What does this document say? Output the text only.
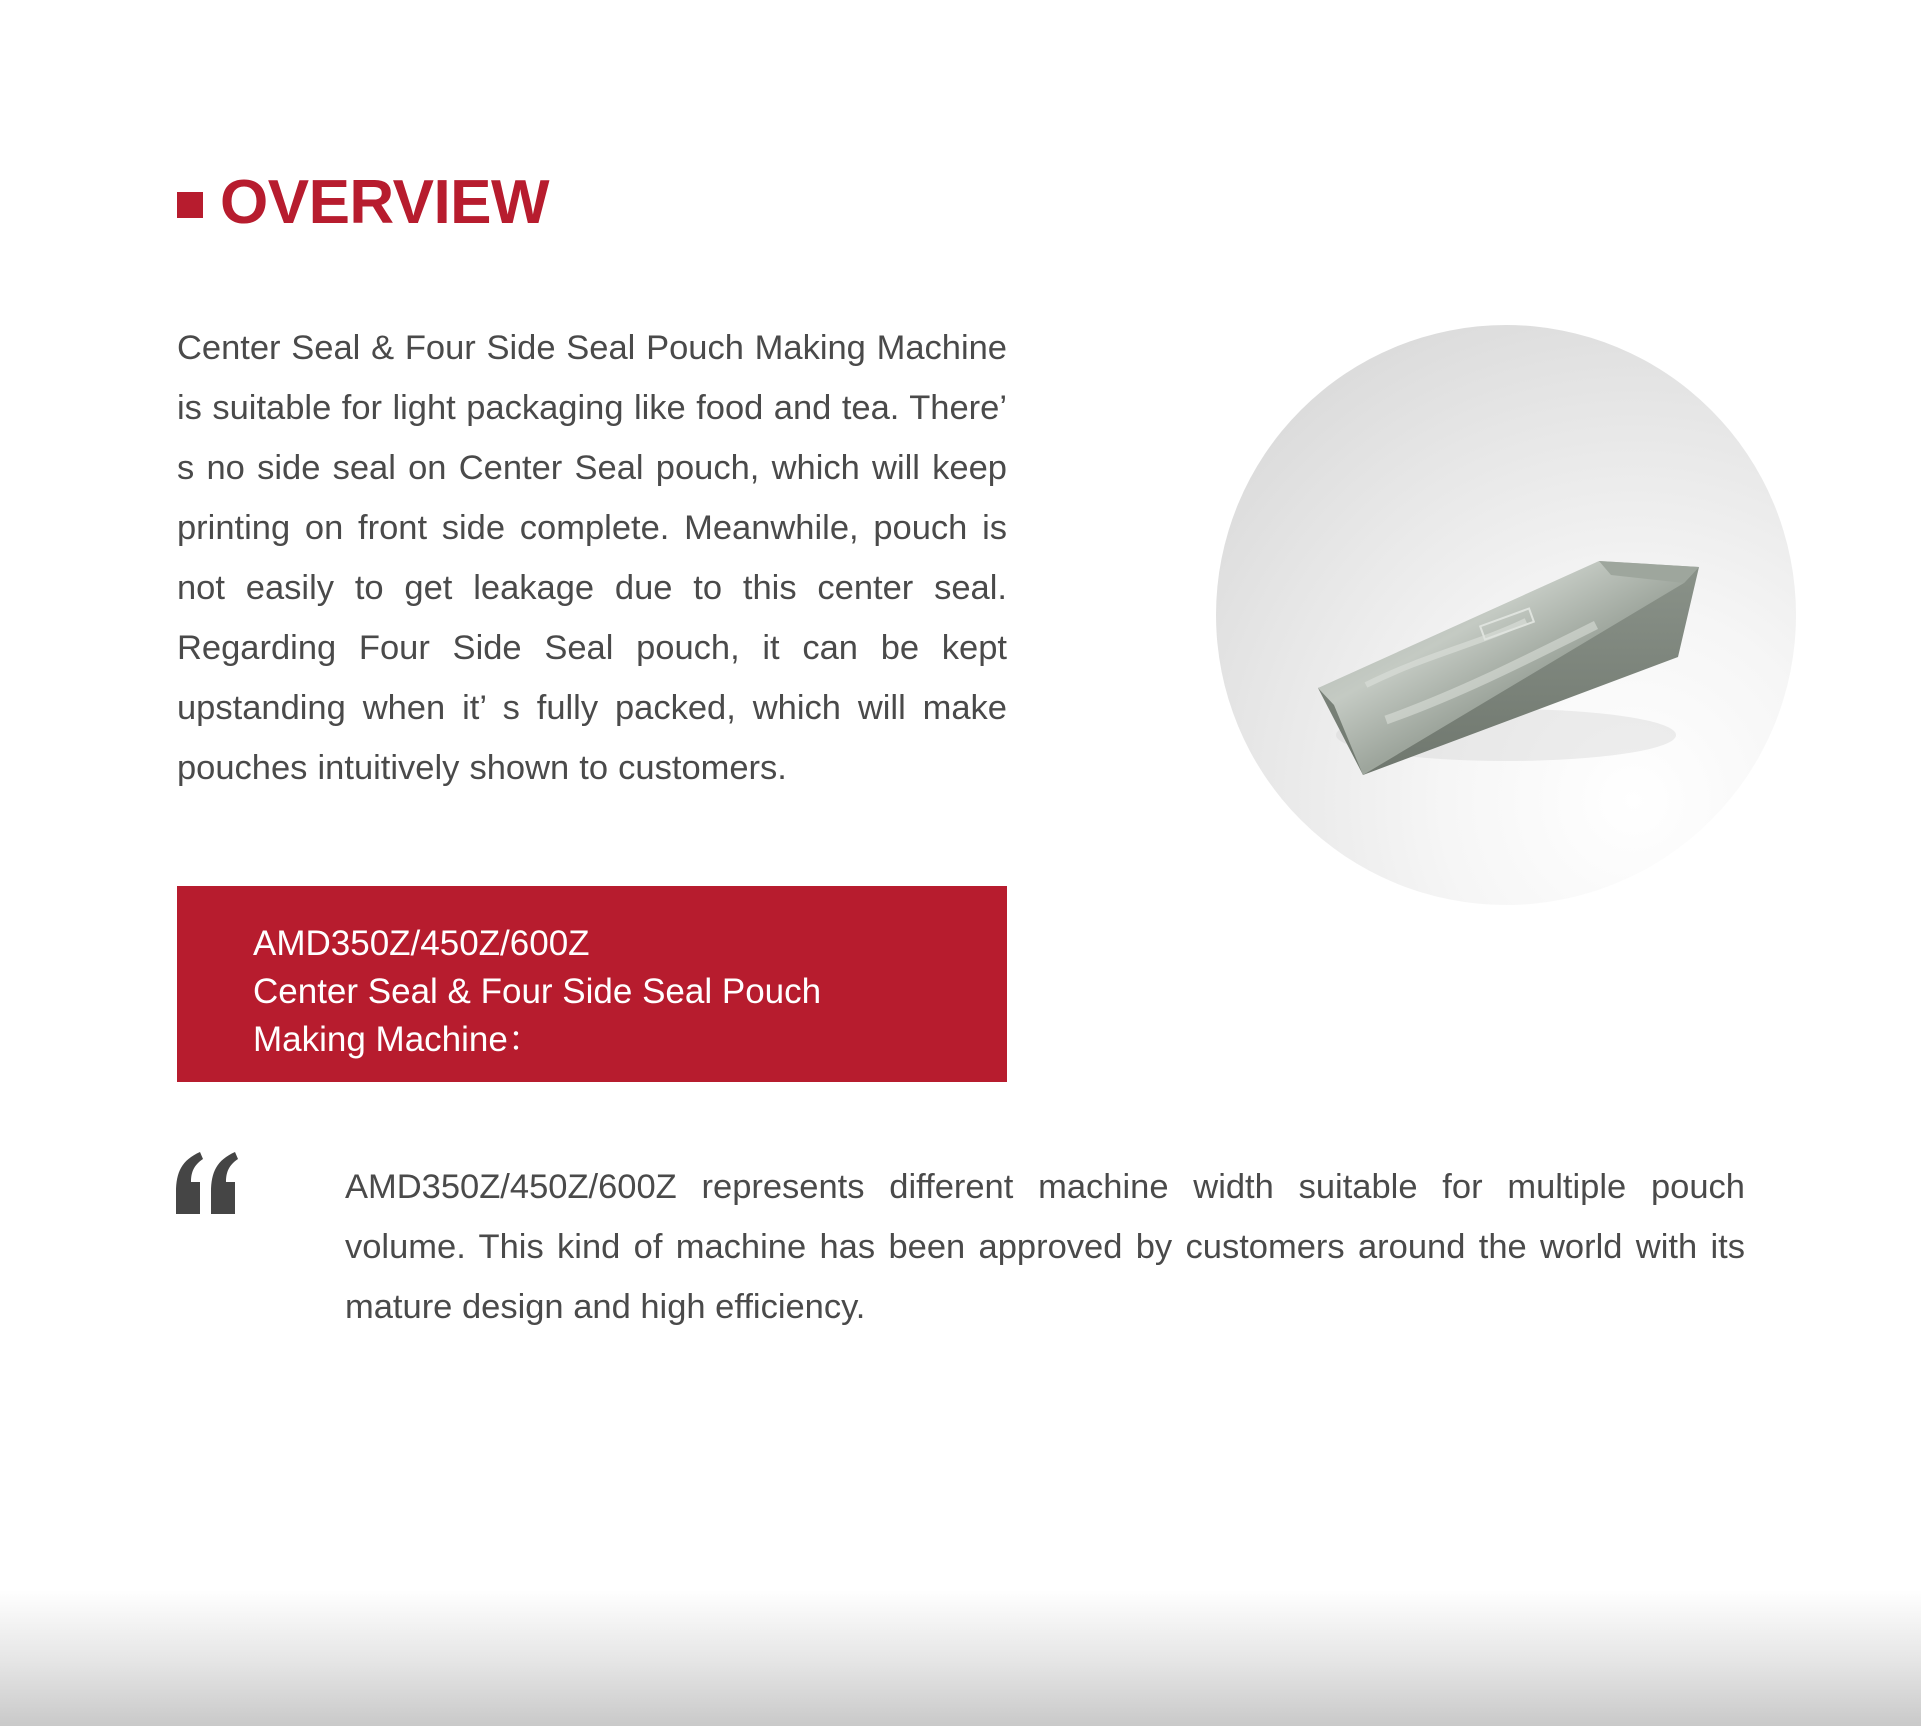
OVERVIEW

Center Seal & Four Side Seal Pouch Making Machine is suitable for light packaging like food and tea. There’ s no side seal on Center Seal pouch, which will keep printing on front side complete. Meanwhile, pouch is not easily to get leakage due to this center seal. Regarding Four Side Seal pouch, it can be kept upstanding when it’ s fully packed, which will make pouches intuitively shown to customers.

AMD350Z/450Z/600Z
Center Seal & Four Side Seal Pouch
Making Machine：

AMD350Z/450Z/600Z represents different machine width suitable for multiple pouch volume. This kind of machine has been approved by customers around the world with its mature design and high efficiency.
